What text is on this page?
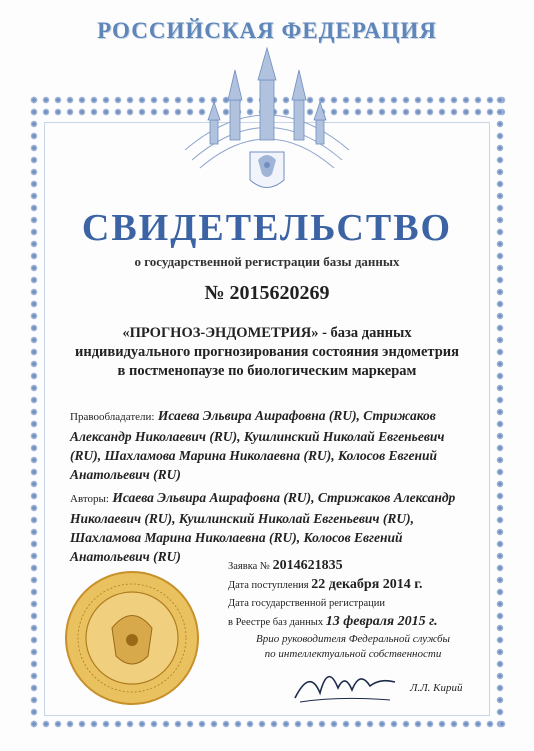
РОССИЙСКАЯ ФЕДЕРАЦИЯ
СВИДЕТЕЛЬСТВО
о государственной регистрации базы данных
№ 2015620269
«ПРОГНОЗ-ЭНДОМЕТРИЯ» - база данных
индивидуального прогнозирования состояния эндометрия
в постменопаузе по биологическим маркерам
Правообладатели: Исаева Эльвира Ашрафовна (RU), Стрижаков Александр Николаевич (RU), Кушлинский Николай Евгеньевич (RU), Шахламова Марина Николаевна (RU), Колосов Евгений Анатольевич (RU)
Авторы: Исаева Эльвира Ашрафовна (RU), Стрижаков Александр Николаевич (RU), Кушлинский Николай Евгеньевич (RU), Шахламова Марина Николаевна (RU), Колосов Евгений Анатольевич (RU)
Заявка № 2014621835
Дата поступления 22 декабря 2014 г.
Дата государственной регистрации
в Реестре баз данных 13 февраля 2015 г.
Врио руководителя Федеральной службы
по интеллектуальной собственности
Л.Л. Кирий
